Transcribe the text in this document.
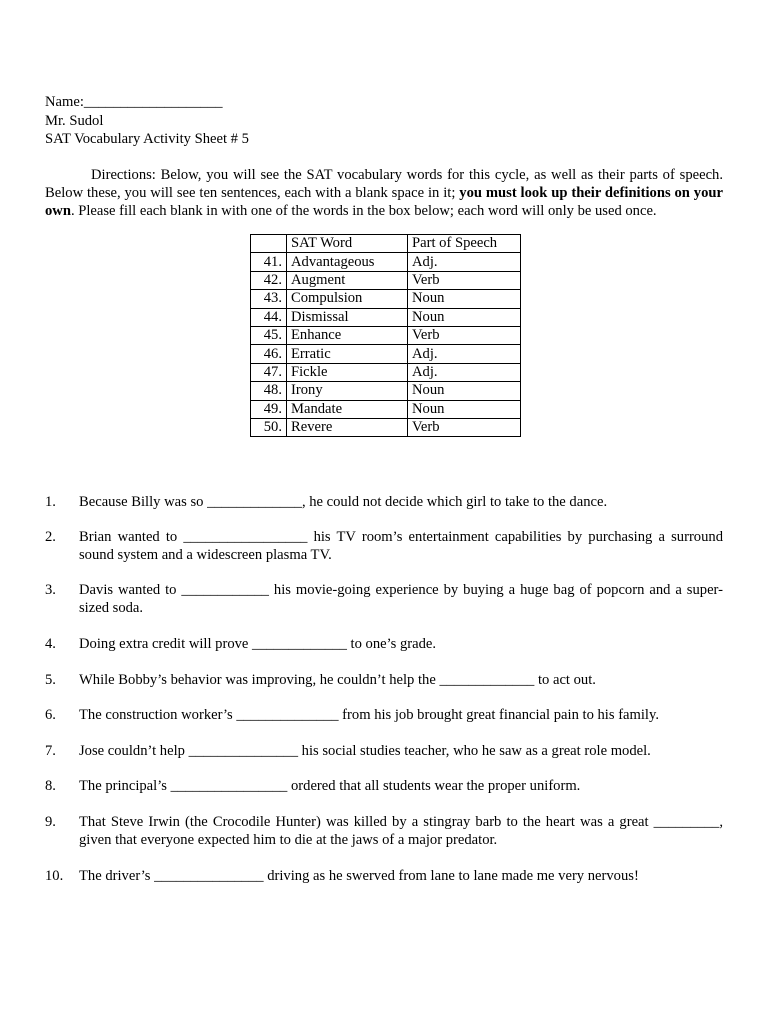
Name:___________________

Mr. Sudol

SAT Vocabulary Activity Sheet # 5

Directions: Below, you will see the SAT vocabulary words for this cycle, as well as their parts of speech. Below these, you will see ten sentences, each with a blank space in it; you must look up their definitions on your own. Please fill each blank in with one of the words in the box below; each word will only be used once.

	SAT Word	Part of Speech
41.	Advantageous	Adj.
42.	Augment	Verb
43.	Compulsion	Noun
44.	Dismissal	Noun
45.	Enhance	Verb
46.	Erratic	Adj.
47.	Fickle	Adj.
48.	Irony	Noun
49.	Mandate	Noun
50.	Revere	Verb
1. Because Billy was so _____________, he could not decide which girl to take to the dance.
2. Brian wanted to _________________ his TV room’s entertainment capabilities by purchasing a surround sound system and a widescreen plasma TV.
3. Davis wanted to ____________ his movie-going experience by buying a huge bag of popcorn and a super-sized soda.
4. Doing extra credit will prove _____________ to one’s grade.
5. While Bobby’s behavior was improving, he couldn’t help the _____________ to act out.
6. The construction worker’s ______________ from his job brought great financial pain to his family.
7. Jose couldn’t help _______________ his social studies teacher, who he saw as a great role model.
8. The principal’s ________________ ordered that all students wear the proper uniform.
9. That Steve Irwin (the Crocodile Hunter) was killed by a stingray barb to the heart was a great _________, given that everyone expected him to die at the jaws of a major predator.
10. The driver’s _______________ driving as he swerved from lane to lane made me very nervous!
